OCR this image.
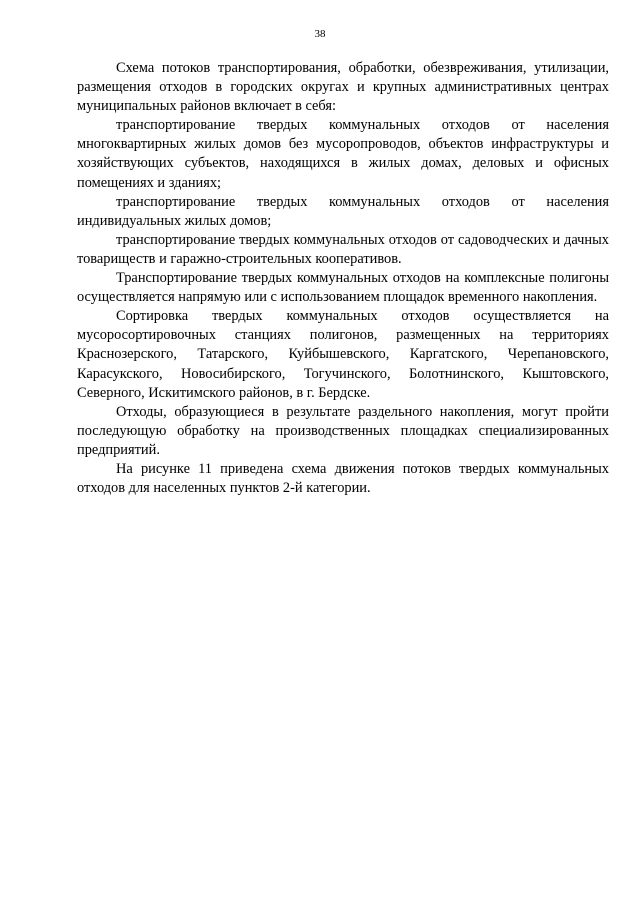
38

Схема потоков транспортирования, обработки, обезвреживания, утилизации, размещения отходов в городских округах и крупных административных центрах муниципальных районов включает в себя:

транспортирование твердых коммунальных отходов от населения многоквартирных жилых домов без мусоропроводов, объектов инфраструктуры и хозяйствующих субъектов, находящихся в жилых домах, деловых и офисных помещениях и зданиях;

транспортирование твердых коммунальных отходов от населения индивидуальных жилых домов;

транспортирование твердых коммунальных отходов от садоводческих и дачных товариществ и гаражно-строительных кооперативов.

Транспортирование твердых коммунальных отходов на комплексные полигоны осуществляется напрямую или с использованием площадок временного накопления.

Сортировка твердых коммунальных отходов осуществляется на мусоросортировочных станциях полигонов, размещенных на территориях Краснозерского, Татарского, Куйбышевского, Каргатского, Черепановского, Карасукского, Новосибирского, Тогучинского, Болотнинского, Кыштовского, Северного, Искитимского районов, в г. Бердске.

Отходы, образующиеся в результате раздельного накопления, могут пройти последующую обработку на производственных площадках специализированных предприятий.

На рисунке 11 приведена схема движения потоков твердых коммунальных отходов для населенных пунктов 2-й категории.
